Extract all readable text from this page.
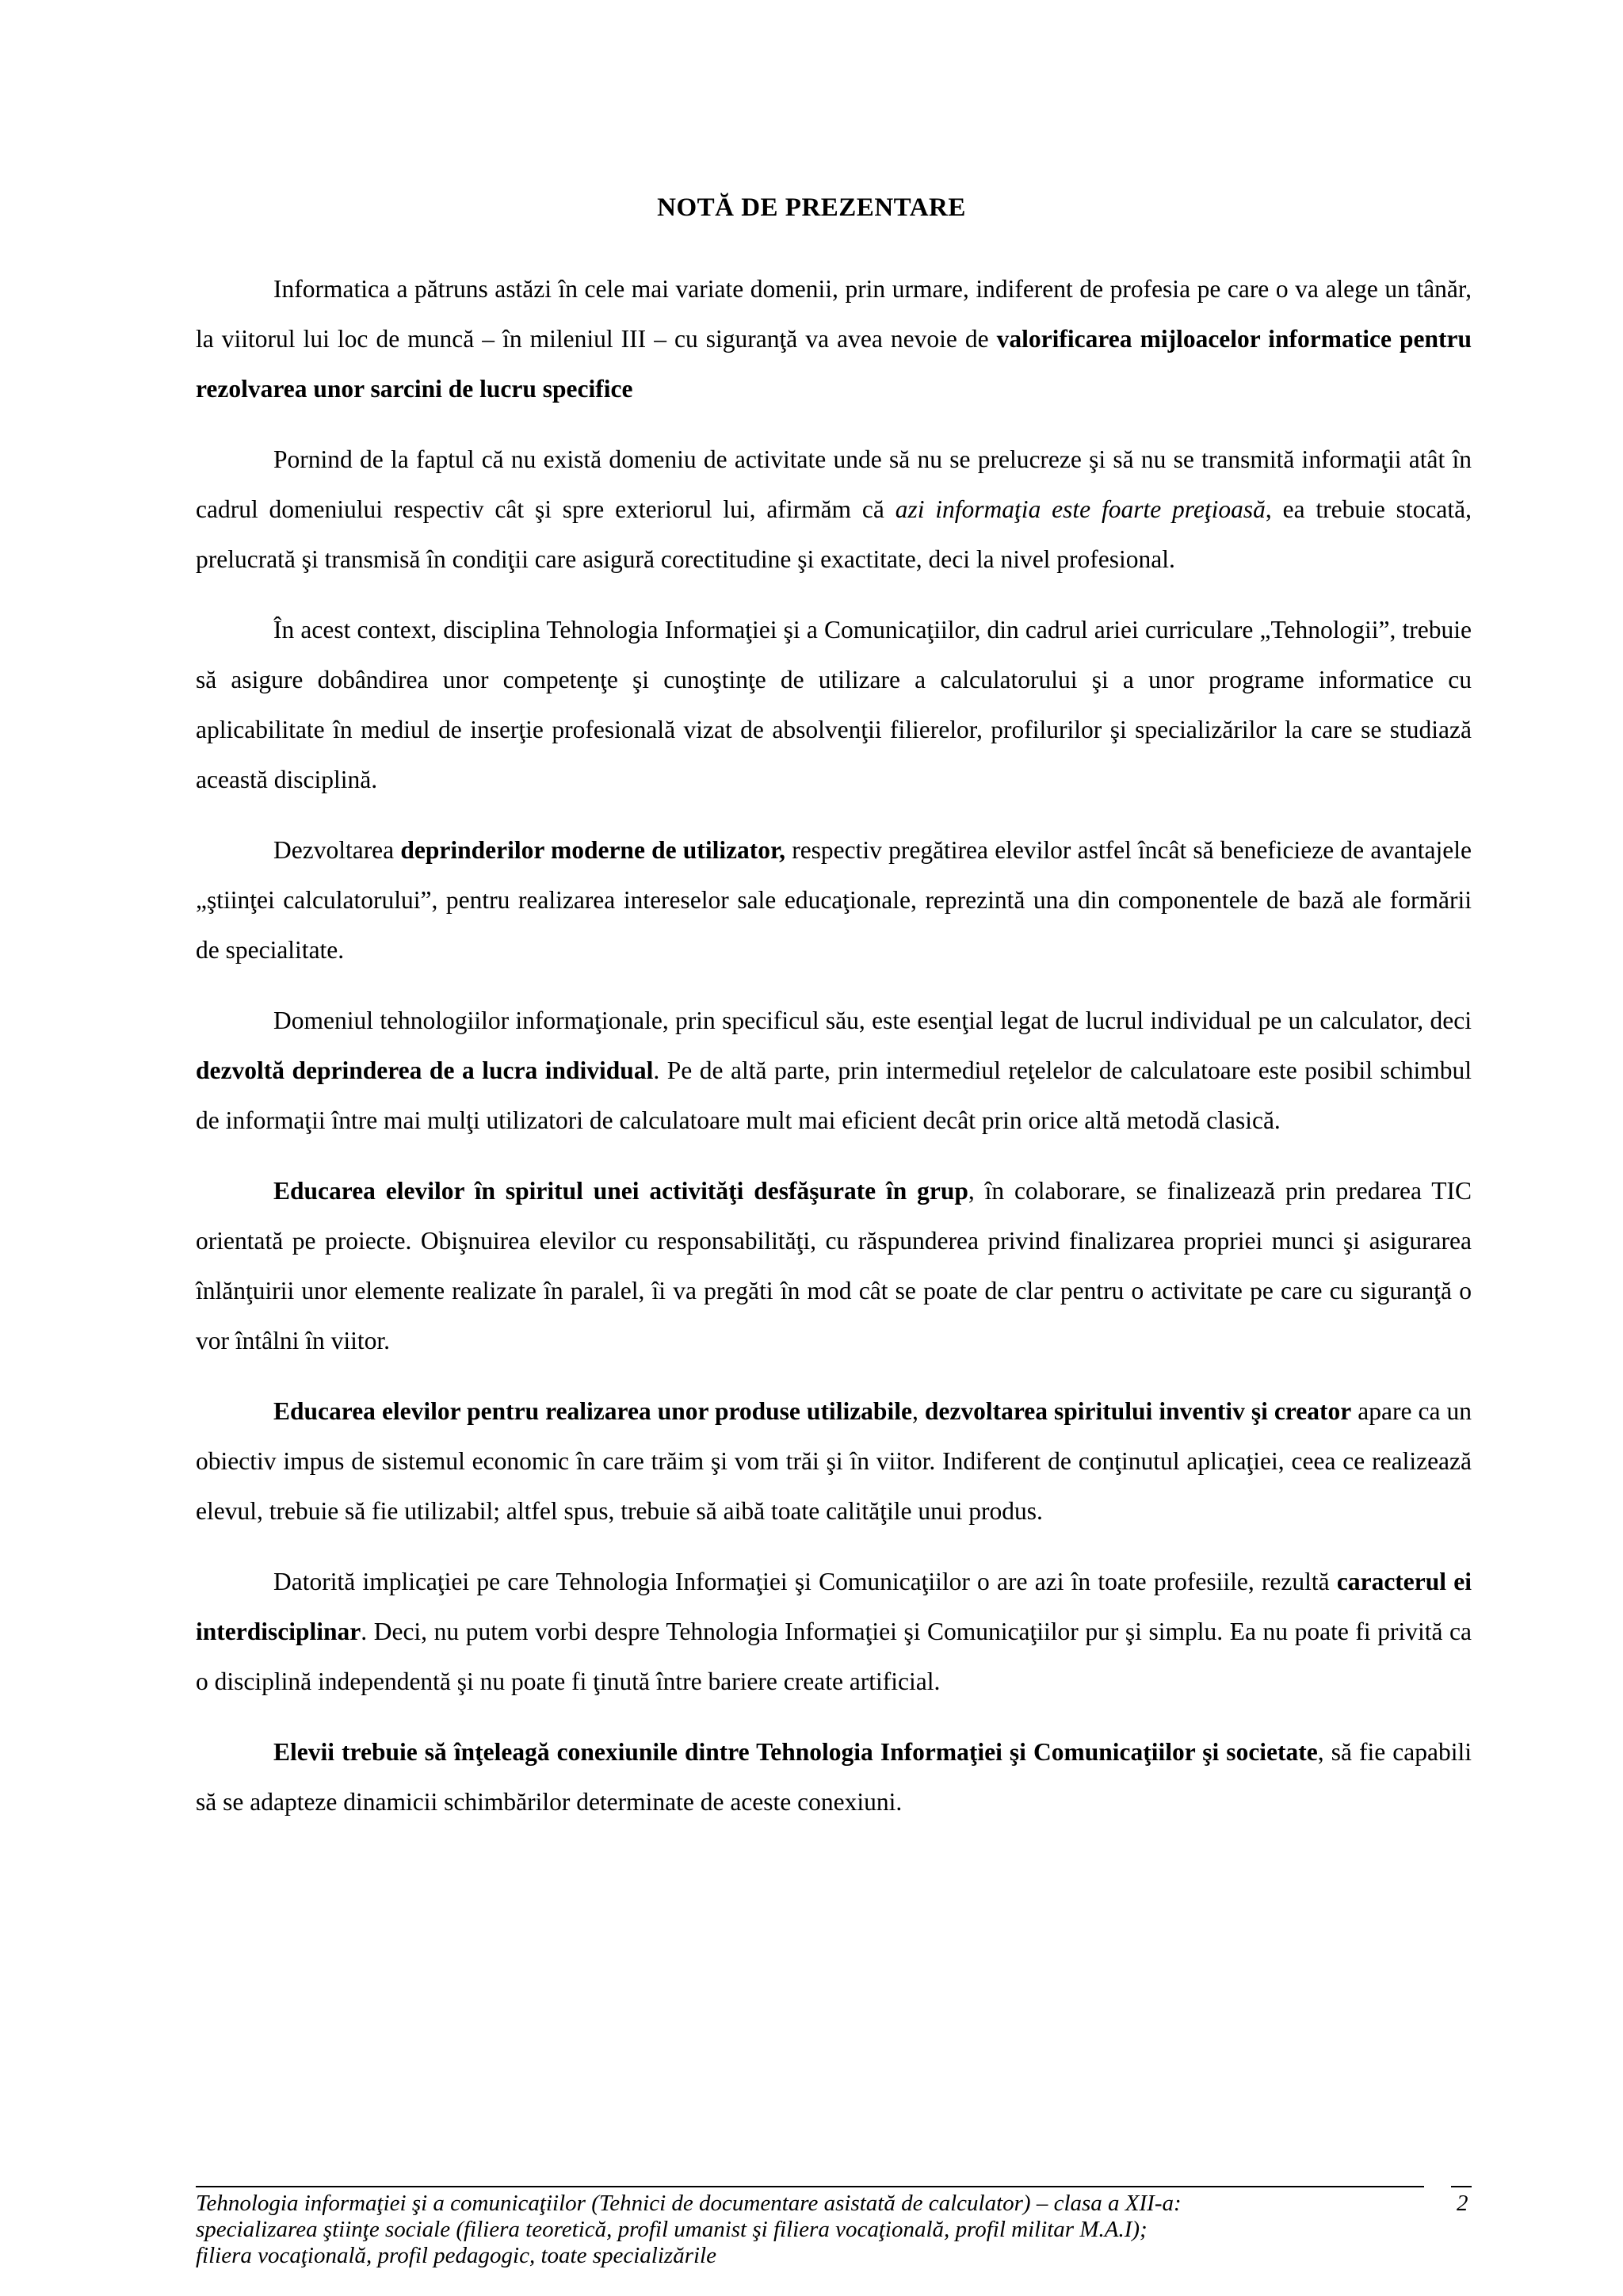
NOTĂ DE PREZENTARE

Informatica a pătruns astăzi în cele mai variate domenii, prin urmare, indiferent de profesia pe care o va alege un tânăr, la viitorul lui loc de muncă – în mileniul III – cu siguranţă va avea nevoie de valorificarea mijloacelor informatice pentru rezolvarea unor sarcini de lucru specifice

Pornind de la faptul că nu există domeniu de activitate unde să nu se prelucreze şi să nu se transmită informaţii atât în cadrul domeniului respectiv cât şi spre exteriorul lui, afirmăm că azi informaţia este foarte preţioasă, ea trebuie stocată, prelucrată şi transmisă în condiţii care asigură corectitudine şi exactitate, deci la nivel profesional.

În acest context, disciplina Tehnologia Informaţiei şi a Comunicaţiilor, din cadrul ariei curriculare „Tehnologii”, trebuie să asigure dobândirea unor competenţe şi cunoştinţe de utilizare a calculatorului şi a unor programe informatice cu aplicabilitate în mediul de inserţie profesională vizat de absolvenţii filierelor, profilurilor şi specializărilor la care se studiază această disciplină.

Dezvoltarea deprinderilor moderne de utilizator, respectiv pregătirea elevilor astfel încât să beneficieze de avantajele „ştiinţei calculatorului”, pentru realizarea intereselor sale educaţionale, reprezintă una din componentele de bază ale formării de specialitate.

Domeniul tehnologiilor informaţionale, prin specificul său, este esenţial legat de lucrul individual pe un calculator, deci dezvoltă deprinderea de a lucra individual. Pe de altă parte, prin intermediul reţelelor de calculatoare este posibil schimbul de informaţii între mai mulţi utilizatori de calculatoare mult mai eficient decât prin orice altă metodă clasică.

Educarea elevilor în spiritul unei activităţi desfăşurate în grup, în colaborare, se finalizează prin predarea TIC orientată pe proiecte. Obişnuirea elevilor cu responsabilităţi, cu răspunderea privind finalizarea propriei munci şi asigurarea înlănţuirii unor elemente realizate în paralel, îi va pregăti în mod cât se poate de clar pentru o activitate pe care cu siguranţă o vor întâlni în viitor.

Educarea elevilor pentru realizarea unor produse utilizabile, dezvoltarea spiritului inventiv şi creator apare ca un obiectiv impus de sistemul economic în care trăim şi vom trăi şi în viitor. Indiferent de conţinutul aplicaţiei, ceea ce realizează elevul, trebuie să fie utilizabil; altfel spus, trebuie să aibă toate calităţile unui produs.

Datorită implicaţiei pe care Tehnologia Informaţiei şi Comunicaţiilor o are azi în toate profesiile, rezultă caracterul ei interdisciplinar. Deci, nu putem vorbi despre Tehnologia Informaţiei şi Comunicaţiilor pur şi simplu. Ea nu poate fi privită ca o disciplină independentă şi nu poate fi ţinută între bariere create artificial.

Elevii trebuie să înţeleagă conexiunile dintre Tehnologia Informaţiei şi Comunicaţiilor şi societate, să fie capabili să se adapteze dinamicii schimbărilor determinate de aceste conexiuni.

Tehnologia informaţiei şi a comunicaţiilor (Tehnici de documentare asistată de calculator) – clasa a XII-a:
specializarea ştiinţe sociale (filiera teoretică, profil umanist şi filiera vocaţională, profil militar M.A.I);
filiera vocaţională, profil pedagogic, toate specializările
2
